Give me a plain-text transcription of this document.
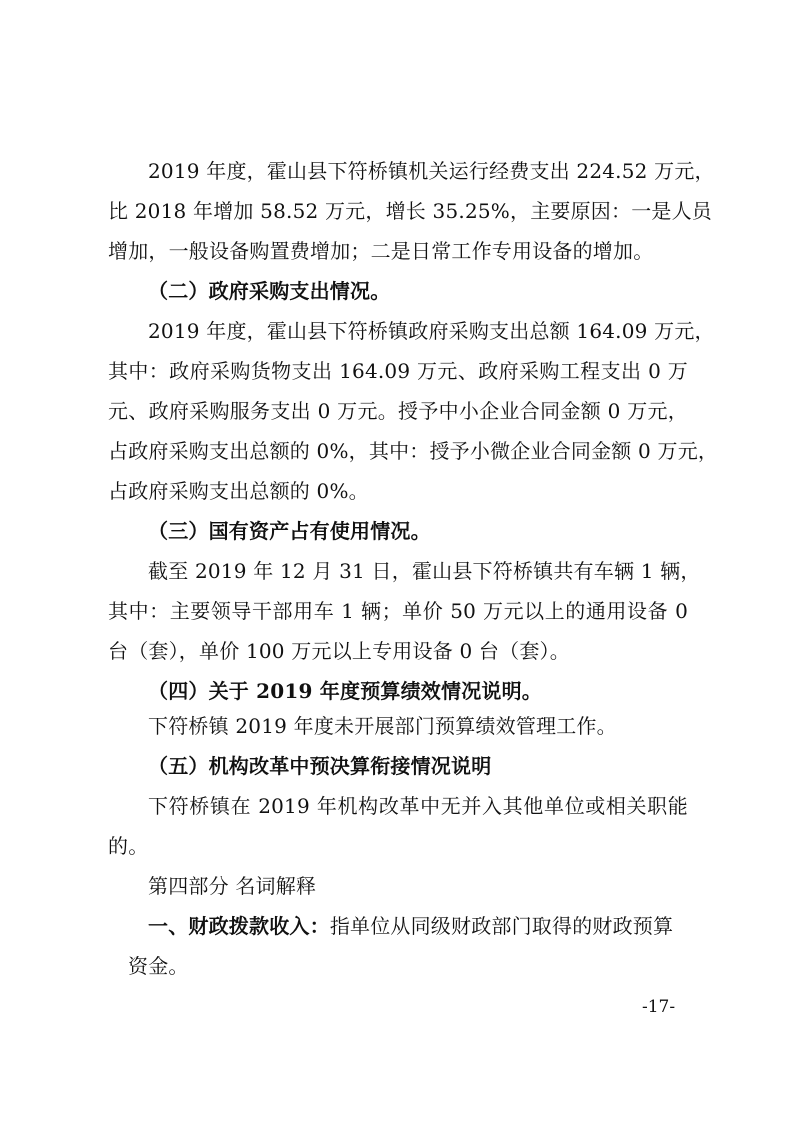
2019 年度，霍山县下符桥镇机关运行经费支出 224.52 万元，
比 2018 年增加 58.52 万元，增长 35.25%，主要原因：一是人员
增加，一般设备购置费增加；二是日常工作专用设备的增加。
（二）政府采购支出情况。
2019 年度，霍山县下符桥镇政府采购支出总额 164.09 万元，
其中：政府采购货物支出 164.09 万元、政府采购工程支出 0 万
元、政府采购服务支出 0 万元。授予中小企业合同金额 0 万元，
占政府采购支出总额的 0%，其中：授予小微企业合同金额 0 万元，
占政府采购支出总额的 0%。
（三）国有资产占有使用情况。
截至 2019 年 12 月 31 日，霍山县下符桥镇共有车辆 1 辆，
其中：主要领导干部用车 1 辆；单价 50 万元以上的通用设备 0
台（套），单价 100 万元以上专用设备 0 台（套）。
（四）关于 2019 年度预算绩效情况说明。
下符桥镇 2019 年度未开展部门预算绩效管理工作。
（五）机构改革中预决算衔接情况说明
下符桥镇在 2019 年机构改革中无并入其他单位或相关职能
的。
第四部分 名词解释
一、财政拨款收入：指单位从同级财政部门取得的财政预算
资金。
-17-
